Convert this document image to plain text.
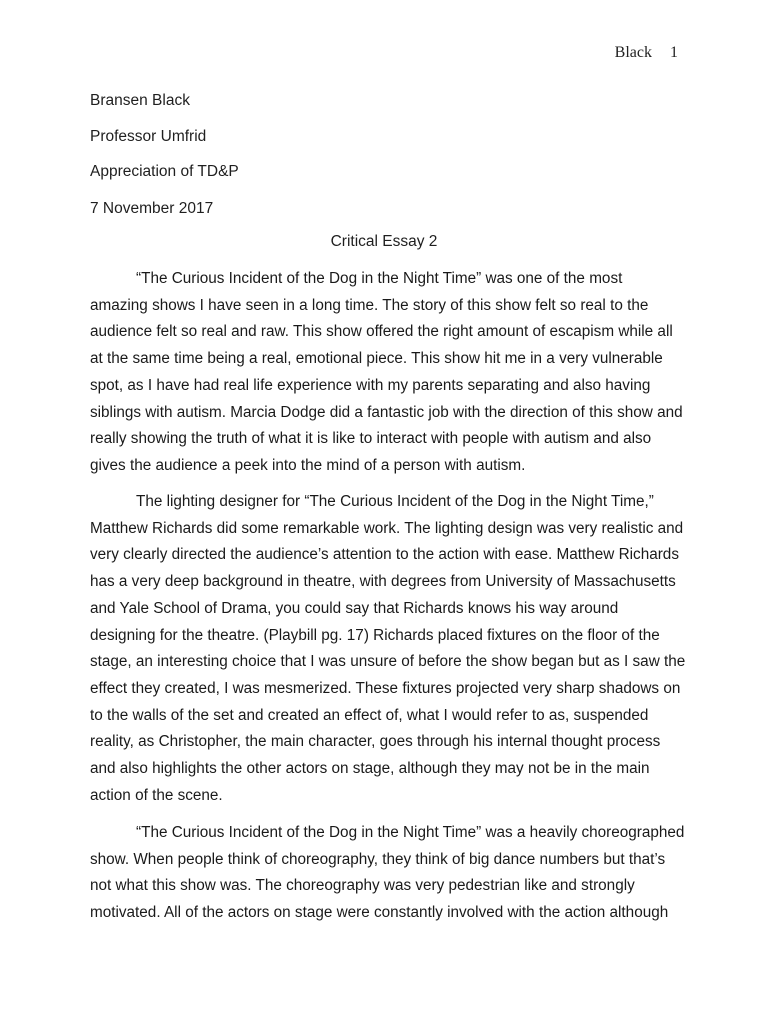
Black 1
Bransen Black
Professor Umfrid
Appreciation of TD&P
7 November 2017
Critical Essay 2
“The Curious Incident of the Dog in the Night Time” was one of the most
amazing shows I have seen in a long time. The story of this show felt so real to the
audience felt so real and raw. This show offered the right amount of escapism while all
at the same time being a real, emotional piece. This show hit me in a very vulnerable
spot, as I have had real life experience with my parents separating and also having
siblings with autism. Marcia Dodge did a fantastic job with the direction of this show and
really showing the truth of what it is like to interact with people with autism and also
gives the audience a peek into the mind of a person with autism.
The lighting designer for “The Curious Incident of the Dog in the Night Time,”
Matthew Richards did some remarkable work. The lighting design was very realistic and
very clearly directed the audience’s attention to the action with ease. Matthew Richards
has a very deep background in theatre, with degrees from University of Massachusetts
and Yale School of Drama, you could say that Richards knows his way around
designing for the theatre. (Playbill pg. 17) Richards placed fixtures on the floor of the
stage, an interesting choice that I was unsure of before the show began but as I saw the
effect they created, I was mesmerized. These fixtures projected very sharp shadows on
to the walls of the set and created an effect of, what I would refer to as, suspended
reality, as Christopher, the main character, goes through his internal thought process
and also highlights the other actors on stage, although they may not be in the main
action of the scene.
“The Curious Incident of the Dog in the Night Time” was a heavily choreographed
show. When people think of choreography, they think of big dance numbers but that’s
not what this show was. The choreography was very pedestrian like and strongly
motivated. All of the actors on stage were constantly involved with the action although
